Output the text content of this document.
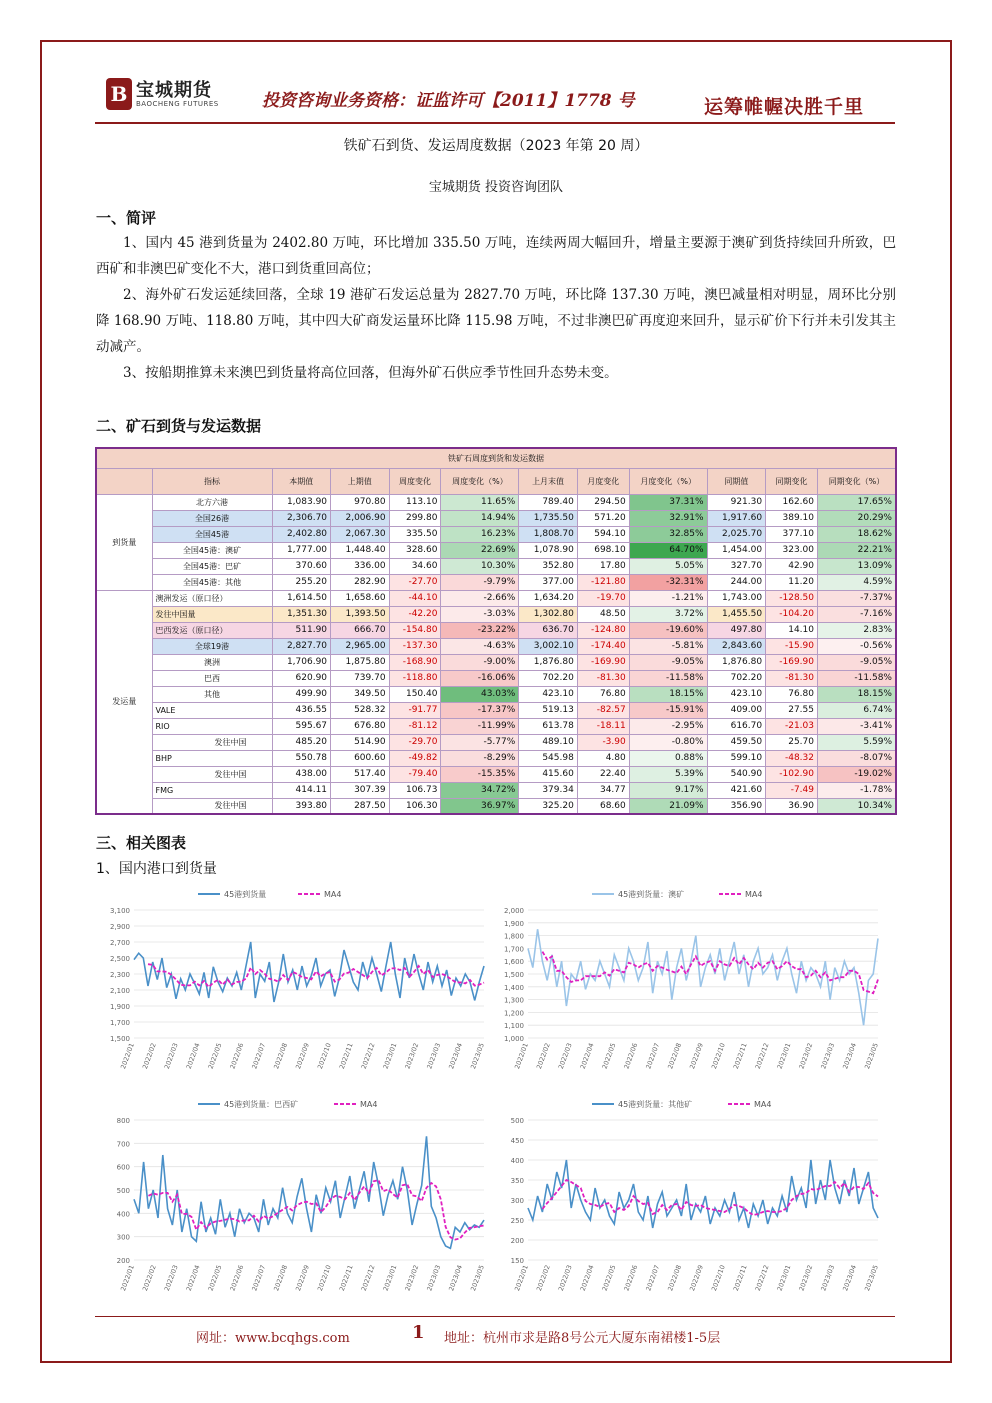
B 宝城期货
BAOCHENG FUTURES	投资咨询业务资格：证监许可【2011】1778 号	运筹帷幄决胜千里
铁矿石到货、发运周度数据（2023 年第 20 周）
宝城期货 投资咨询团队
一、简评
1、国内 45 港到货量为 2402.80 万吨，环比增加 335.50 万吨，连续两周大幅回升，增量主要源于澳矿到货持续回升所致，巴西矿和非澳巴矿变化不大，港口到货重回高位；
2、海外矿石发运延续回落，全球 19 港矿石发运总量为 2827.70 万吨，环比降 137.30 万吨，澳巴减量相对明显，周环比分别降 168.90 万吨、118.80 万吨，其中四大矿商发运量环比降 115.98 万吨，不过非澳巴矿再度迎来回升，显示矿价下行并未引发其主动减产。
3、按船期推算未来澳巴到货量将高位回落，但海外矿石供应季节性回升态势未变。
二、矿石到货与发运数据
铁矿石周度到货和发运数据											
	指标	本期值	上期值	周度变化	周度变化（%）	上月末值	月度变化	月度变化（%）	同期值	同期变化	同期变化（%）
到货量	北方六港	1,083.90	970.80	113.10	11.65%	789.40	294.50	37.31%	921.30	162.60	17.65%
	全国26港	2,306.70	2,006.90	299.80	14.94%	1,735.50	571.20	32.91%	1,917.60	389.10	20.29%
	全国45港	2,402.80	2,067.30	335.50	16.23%	1,808.70	594.10	32.85%	2,025.70	377.10	18.62%
	全国45港：澳矿	1,777.00	1,448.40	328.60	22.69%	1,078.90	698.10	64.70%	1,454.00	323.00	22.21%
	全国45港：巴矿	370.60	336.00	34.60	10.30%	352.80	17.80	5.05%	327.70	42.90	13.09%
	全国45港：其他	255.20	282.90	-27.70	-9.79%	377.00	-121.80	-32.31%	244.00	11.20	4.59%
发运量	澳洲发运（原口径）	1,614.50	1,658.60	-44.10	-2.66%	1,634.20	-19.70	-1.21%	1,743.00	-128.50	-7.37%
	发往中国量	1,351.30	1,393.50	-42.20	-3.03%	1,302.80	48.50	3.72%	1,455.50	-104.20	-7.16%
	巴西发运（原口径）	511.90	666.70	-154.80	-23.22%	636.70	-124.80	-19.60%	497.80	14.10	2.83%
	全球19港	2,827.70	2,965.00	-137.30	-4.63%	3,002.10	-174.40	-5.81%	2,843.60	-15.90	-0.56%
	澳洲	1,706.90	1,875.80	-168.90	-9.00%	1,876.80	-169.90	-9.05%	1,876.80	-169.90	-9.05%
	巴西	620.90	739.70	-118.80	-16.06%	702.20	-81.30	-11.58%	702.20	-81.30	-11.58%
	其他	499.90	349.50	150.40	43.03%	423.10	76.80	18.15%	423.10	76.80	18.15%
	VALE	436.55	528.32	-91.77	-17.37%	519.13	-82.57	-15.91%	409.00	27.55	6.74%
	RIO	595.67	676.80	-81.12	-11.99%	613.78	-18.11	-2.95%	616.70	-21.03	-3.41%
	发往中国	485.20	514.90	-29.70	-5.77%	489.10	-3.90	-0.80%	459.50	25.70	5.59%
	BHP	550.78	600.60	-49.82	-8.29%	545.98	4.80	0.88%	599.10	-48.32	-8.07%
	发往中国	438.00	517.40	-79.40	-15.35%	415.60	22.40	5.39%	540.90	-102.90	-19.02%
	FMG	414.11	307.39	106.73	34.72%	379.34	34.77	9.17%	421.60	-7.49	-1.78%
	发往中国	393.80	287.50	106.30	36.97%	325.20	68.60	21.09%	356.90	36.90	10.34%
三、相关图表
1、国内港口到货量
1,500
1,700
1,900
2,100
2,300
2,500
2,700
2,900
3,100
2022/01 2022/02 2022/03 2022/04 2022/05 2022/06 2022/07 2022/08 2022/09 2022/10 2022/11 2022/12 2023/01 2023/02 2023/03 2023/04 2023/05
45港到货量	MA4
1,000
1,100
1,200
1,300
1,400
1,500
1,600
1,700
1,800
1,900
2,000
2022/01 2022/02 2022/03 2022/04 2022/05 2022/06 2022/07 2022/08 2022/09 2022/10 2022/11 2022/12 2023/01 2023/02 2023/03 2023/04 2023/05
45港到货量：澳矿	MA4
200
300
400
500
600
700
800
2022/01 2022/02 2022/03 2022/04 2022/05 2022/06 2022/07 2022/08 2022/09 2022/10 2022/11 2022/12 2023/01 2023/02 2023/03 2023/04 2023/05
45港到货量：巴西矿	MA4
150
200
250
300
350
400
450
500
2022/01 2022/02 2022/03 2022/04 2022/05 2022/06 2022/07 2022/08 2022/09 2022/10 2022/11 2022/12 2023/01 2023/02 2023/03 2023/04 2023/05
45港到货量：其他矿	MA4
网址：www.bcqhgs.com	1 地址：杭州市求是路8号公元大厦东南裙楼1-5层
